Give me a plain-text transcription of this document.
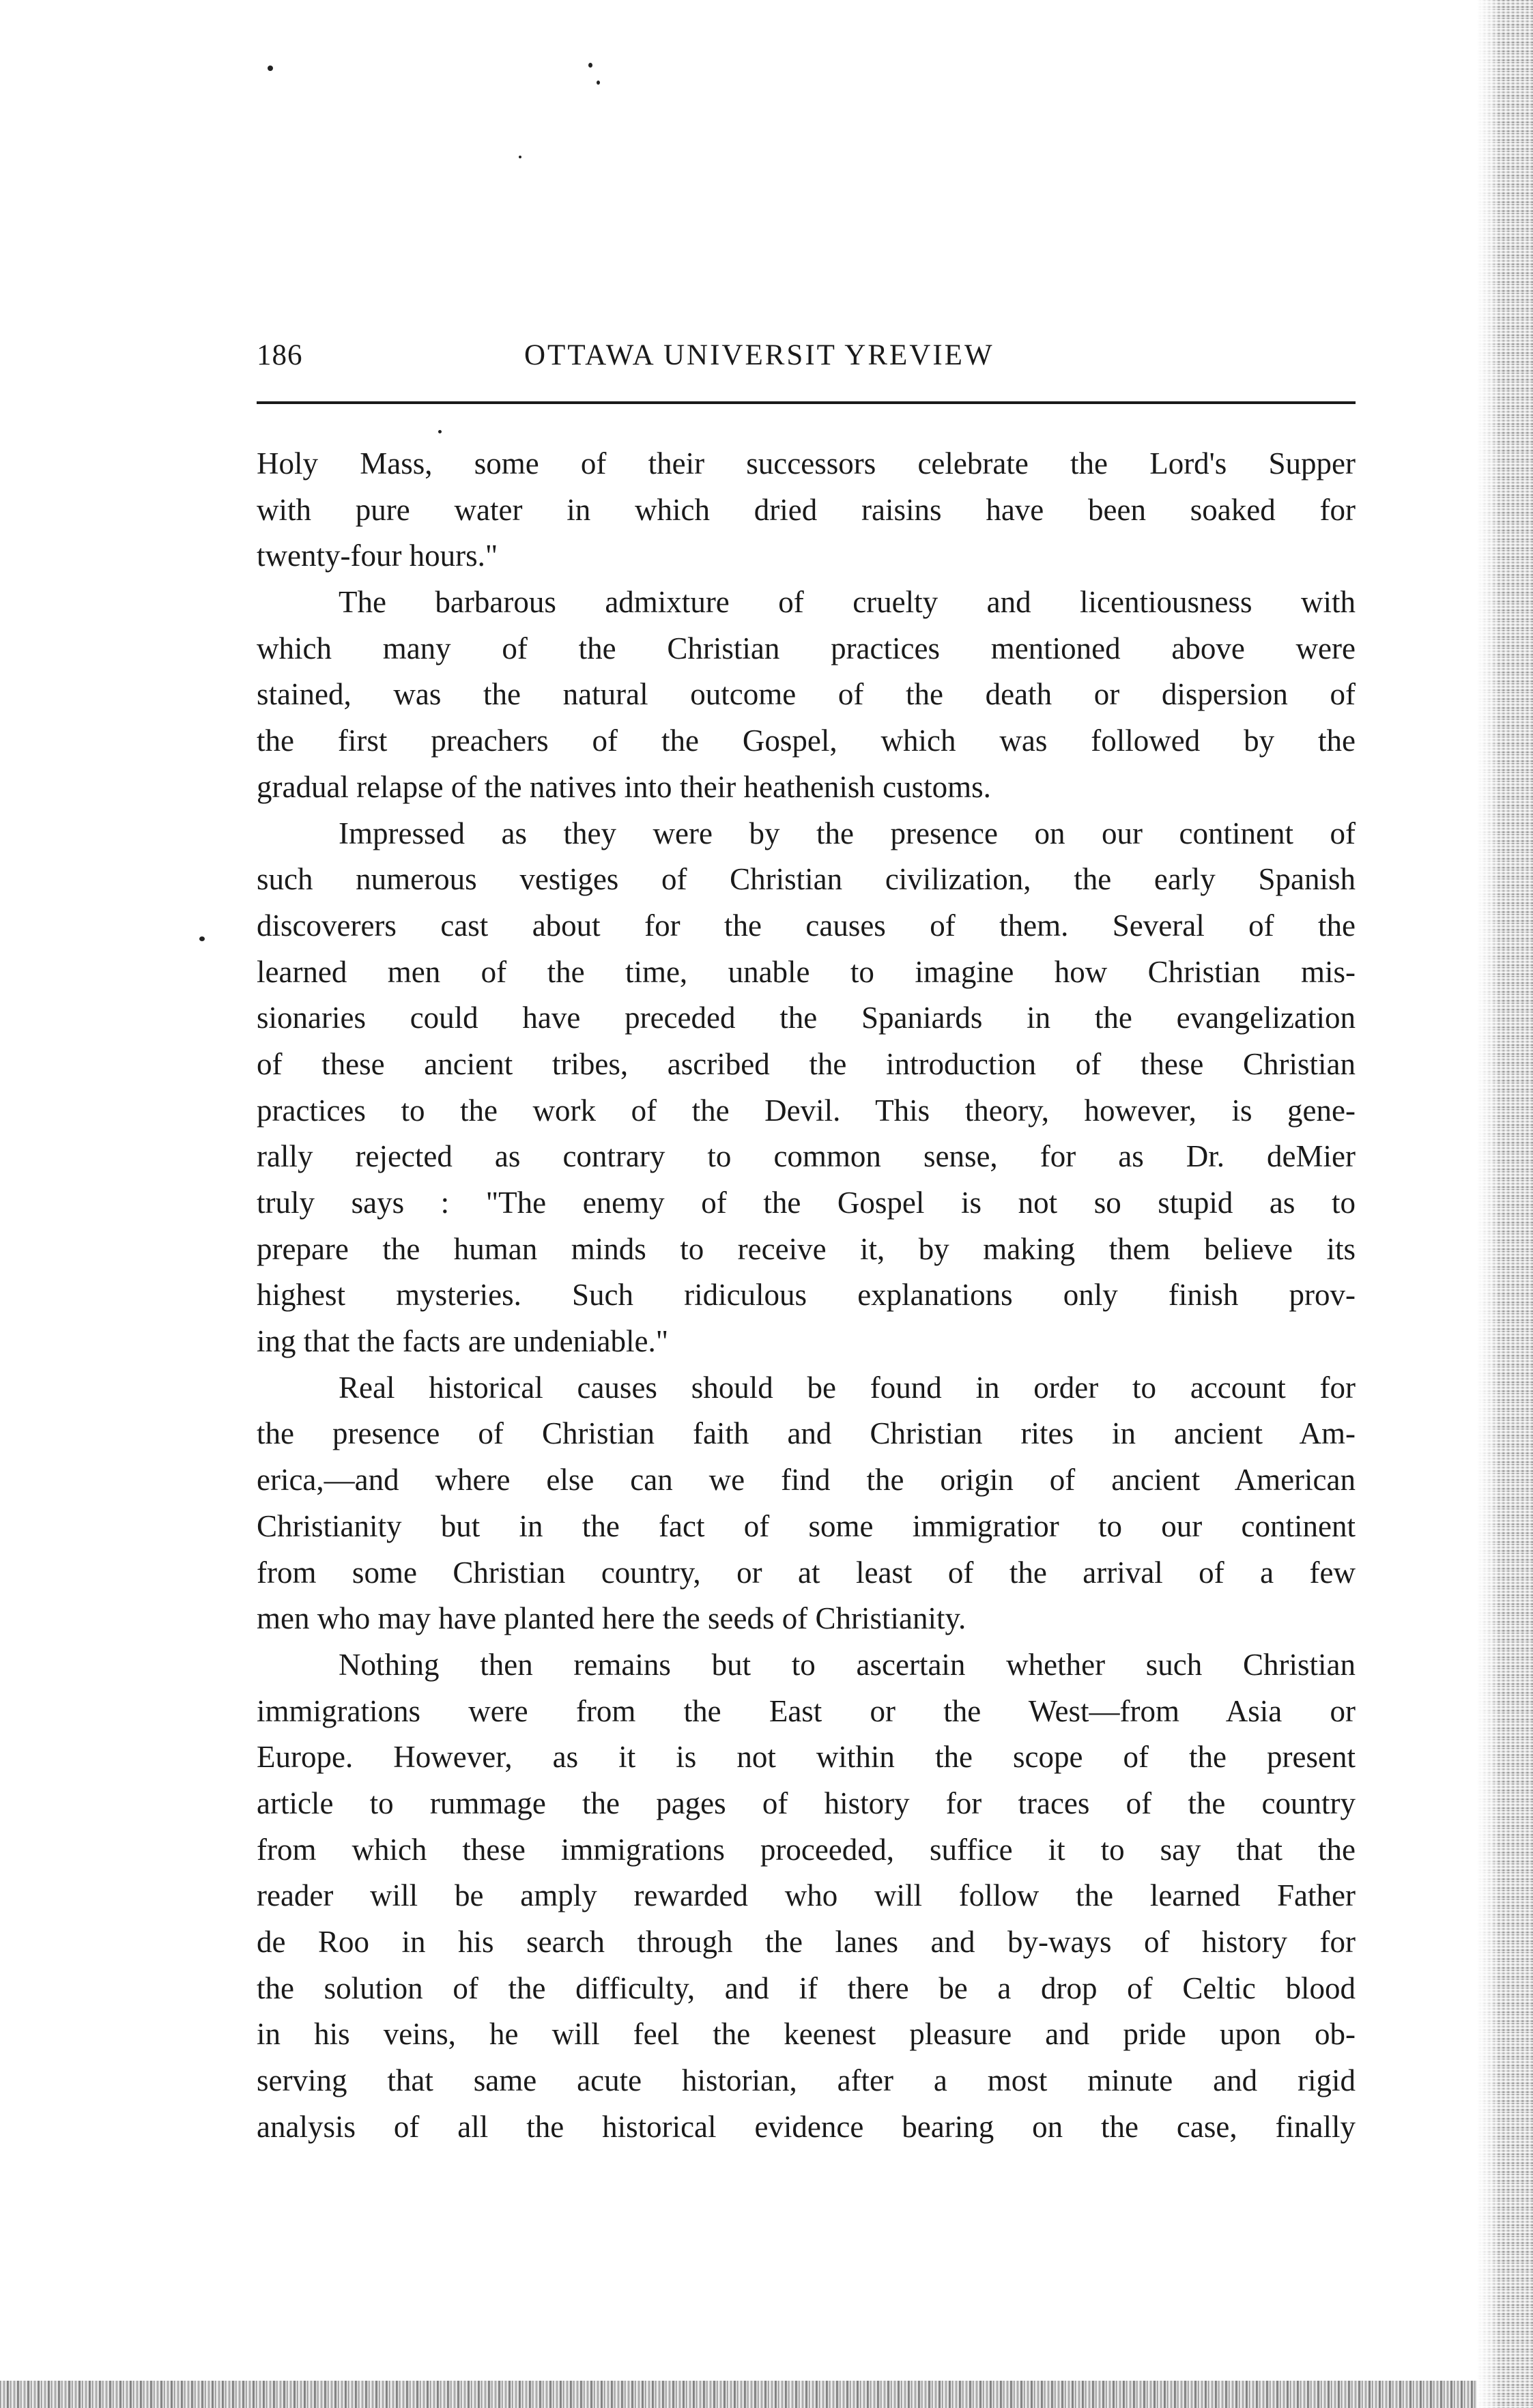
186	OTTAWA UNIVERSIT YREVIEW
Holy Mass, some of their successors celebrate the Lord's Supper
with pure water in which dried raisins have been soaked for
twenty-four hours."
The barbarous admixture of cruelty and licentiousness with
which many of the Christian practices mentioned above were
stained, was the natural outcome of the death or dispersion of
the first preachers of the Gospel, which was followed by the
gradual relapse of the natives into their heathenish customs.
Impressed as they were by the presence on our continent of
such numerous vestiges of Christian civilization, the early Spanish
discoverers cast about for the causes of them. Several of the
learned men of the time, unable to imagine how Christian mis-
sionaries could have preceded the Spaniards in the evangelization
of these ancient tribes, ascribed the introduction of these Christian
practices to the work of the Devil. This theory, however, is gene-
rally rejected as contrary to common sense, for as Dr. deMier
truly says : "The enemy of the Gospel is not so stupid as to
prepare the human minds to receive it, by making them believe its
highest mysteries. Such ridiculous explanations only finish prov-
ing that the facts are undeniable."
Real historical causes should be found in order to account for
the presence of Christian faith and Christian rites in ancient Am-
erica,—and where else can we find the origin of ancient American
Christianity but in the fact of some immigratior to our continent
from some Christian country, or at least of the arrival of a few
men who may have planted here the seeds of Christianity.
Nothing then remains but to ascertain whether such Christian
immigrations were from the East or the West—from Asia or
Europe. However, as it is not within the scope of the present
article to rummage the pages of history for traces of the country
from which these immigrations proceeded, suffice it to say that the
reader will be amply rewarded who will follow the learned Father
de Roo in his search through the lanes and by-ways of history for
the solution of the difficulty, and if there be a drop of Celtic blood
in his veins, he will feel the keenest pleasure and pride upon ob-
serving that same acute historian, after a most minute and rigid
analysis of all the historical evidence bearing on the case, finally
